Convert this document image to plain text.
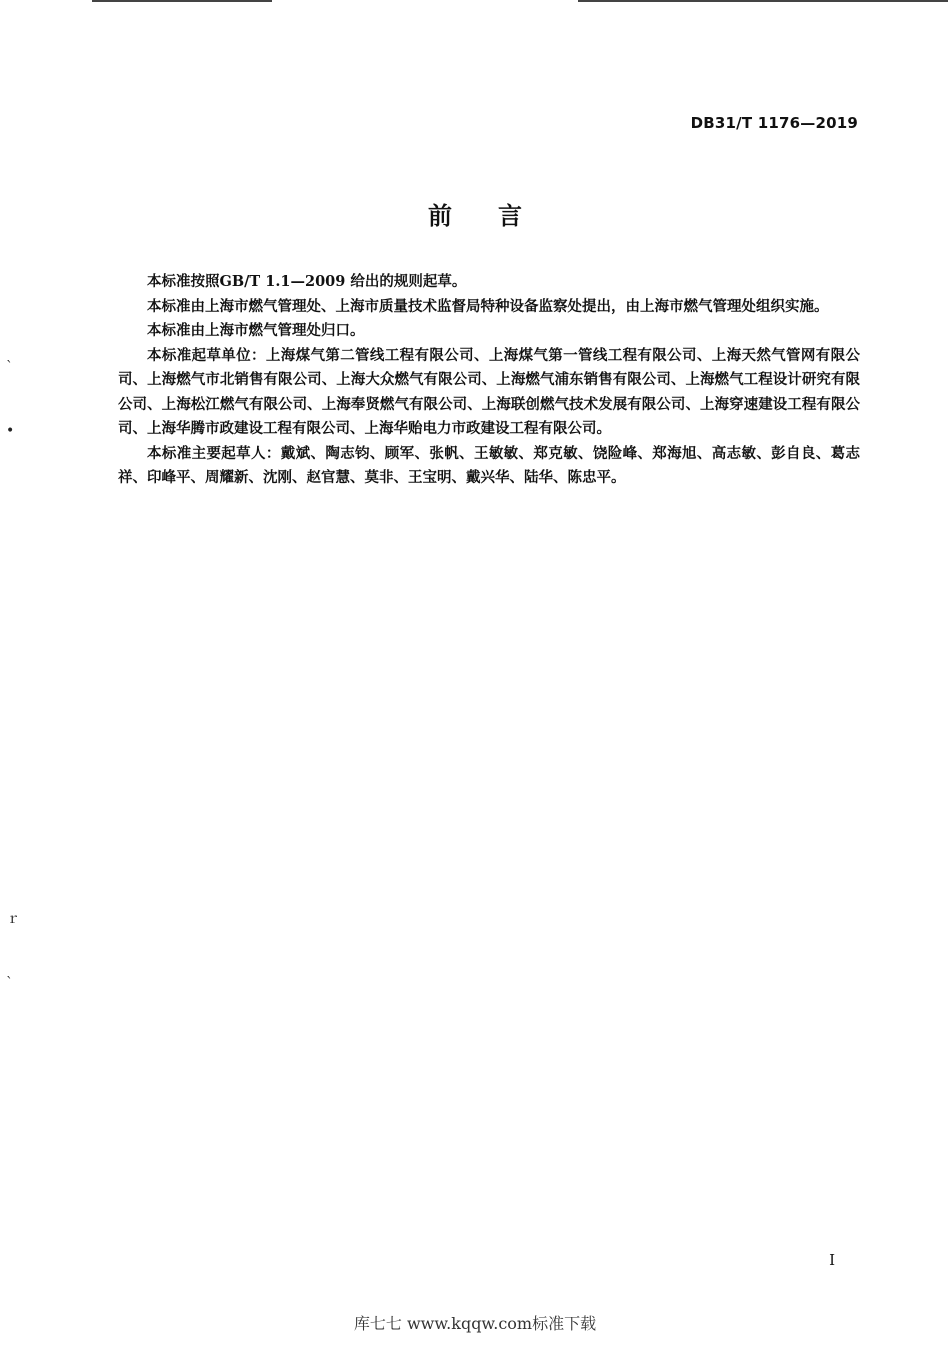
ˋ
•
ｒ
ˋ
DB31/T 1176—2019
前言

本标准按照GB/T 1.1—2009 给出的规则起草。

本标准由上海市燃气管理处、上海市质量技术监督局特种设备监察处提出，由上海市燃气管理处组织实施。

本标准由上海市燃气管理处归口。

本标准起草单位：上海煤气第二管线工程有限公司、上海煤气第一管线工程有限公司、上海天然气管网有限公司、上海燃气市北销售有限公司、上海大众燃气有限公司、上海燃气浦东销售有限公司、上海燃气工程设计研究有限公司、上海松江燃气有限公司、上海奉贤燃气有限公司、上海联创燃气技术发展有限公司、上海穿速建设工程有限公司、上海华腾市政建设工程有限公司、上海华贻电力市政建设工程有限公司。

本标准主要起草人：戴斌、陶志钧、顾军、张帆、王敏敏、郑克敏、饶险峰、郑海旭、高志敏、彭自良、葛志祥、印峰平、周耀新、沈刚、赵官慧、莫非、王宝明、戴兴华、陆华、陈忠平。

I
库七七 www.kqqw.com标准下载
